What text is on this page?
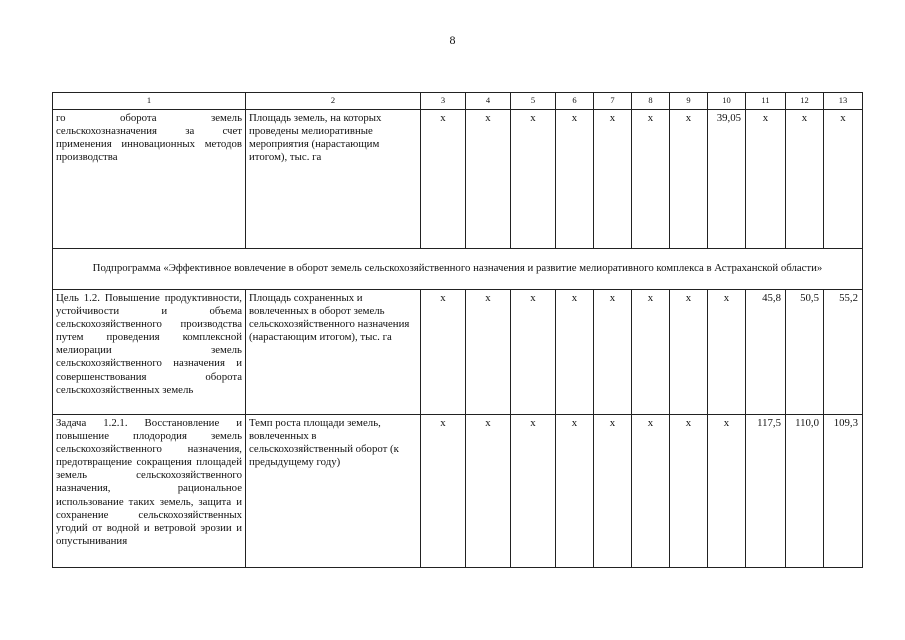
8
1	2	3	4	5	6	7	8	9	10	11	12	13
го оборота земель сельскохозназначения за счет применения инновационных методов производства	Площадь земель, на которых проведены мелиоративные мероприятия (нарастающим итогом), тыс. га	x	x	x	x	x	x	x	39,05	x	x	x
Подпрограмма «Эффективное вовлечение в оборот земель сельскохозяйственного назначения и развитие мелиоративного комплекса в Астраханской области»												
Цель 1.2. Повышение продуктивности, устойчивости и объема сельскохозяйственного производства путем проведения комплексной мелиорации земель сельскохозяйственного назначения и совершенствования оборота сельскохозяйственных земель	Площадь сохраненных и вовлеченных в оборот земель сельскохозяйственного назначения (нарастающим итогом), тыс. га	x	x	x	x	x	x	x	x	45,8	50,5	55,2
Задача 1.2.1. Восстановление и повышение плодородия земель сельскохозяйственного назначения, предотвращение сокращения площадей земель сельскохозяйственного назначения, рациональное использование таких земель, защита и сохранение сельскохозяйственных угодий от водной и ветровой эрозии и опустынивания	Темп роста площади земель, вовлеченных в сельскохозяйственный оборот (к предыдущему году)	x	x	x	x	x	x	x	x	117,5	110,0	109,3
